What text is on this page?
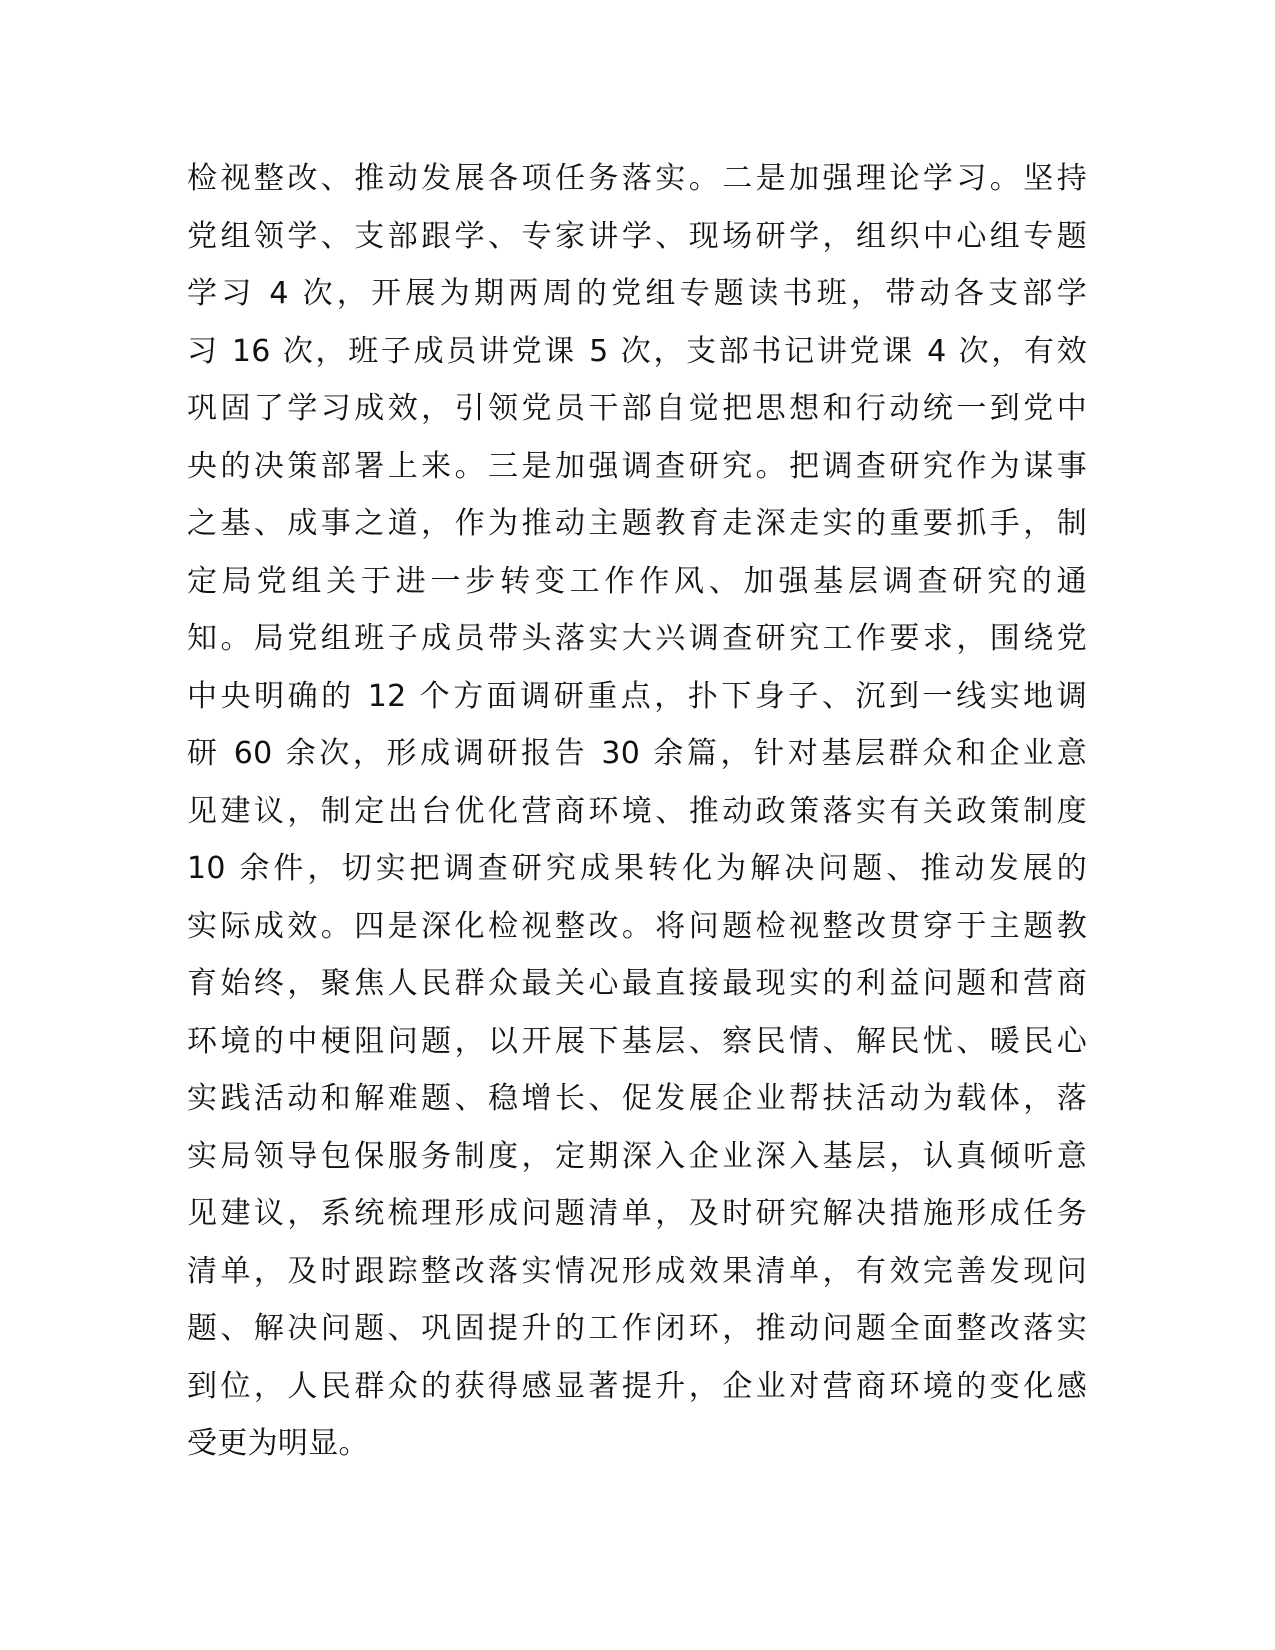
检视整改、推动发展各项任务落实。二是加强理论学习。坚持
党组领学、支部跟学、专家讲学、现场研学，组织中心组专题
学习 4 次，开展为期两周的党组专题读书班，带动各支部学
习 16 次，班子成员讲党课 5 次，支部书记讲党课 4 次，有效
巩固了学习成效，引领党员干部自觉把思想和行动统一到党中
央的决策部署上来。三是加强调查研究。把调查研究作为谋事
之基、成事之道，作为推动主题教育走深走实的重要抓手，制
定局党组关于进一步转变工作作风、加强基层调查研究的通
知。局党组班子成员带头落实大兴调查研究工作要求，围绕党
中央明确的 12 个方面调研重点，扑下身子、沉到一线实地调
研 60 余次，形成调研报告 30 余篇，针对基层群众和企业意
见建议，制定出台优化营商环境、推动政策落实有关政策制度
10 余件，切实把调查研究成果转化为解决问题、推动发展的
实际成效。四是深化检视整改。将问题检视整改贯穿于主题教
育始终，聚焦人民群众最关心最直接最现实的利益问题和营商
环境的中梗阻问题，以开展下基层、察民情、解民忧、暖民心
实践活动和解难题、稳增长、促发展企业帮扶活动为载体，落
实局领导包保服务制度，定期深入企业深入基层，认真倾听意
见建议，系统梳理形成问题清单，及时研究解决措施形成任务
清单，及时跟踪整改落实情况形成效果清单，有效完善发现问
题、解决问题、巩固提升的工作闭环，推动问题全面整改落实
到位，人民群众的获得感显著提升，企业对营商环境的变化感
受更为明显。
